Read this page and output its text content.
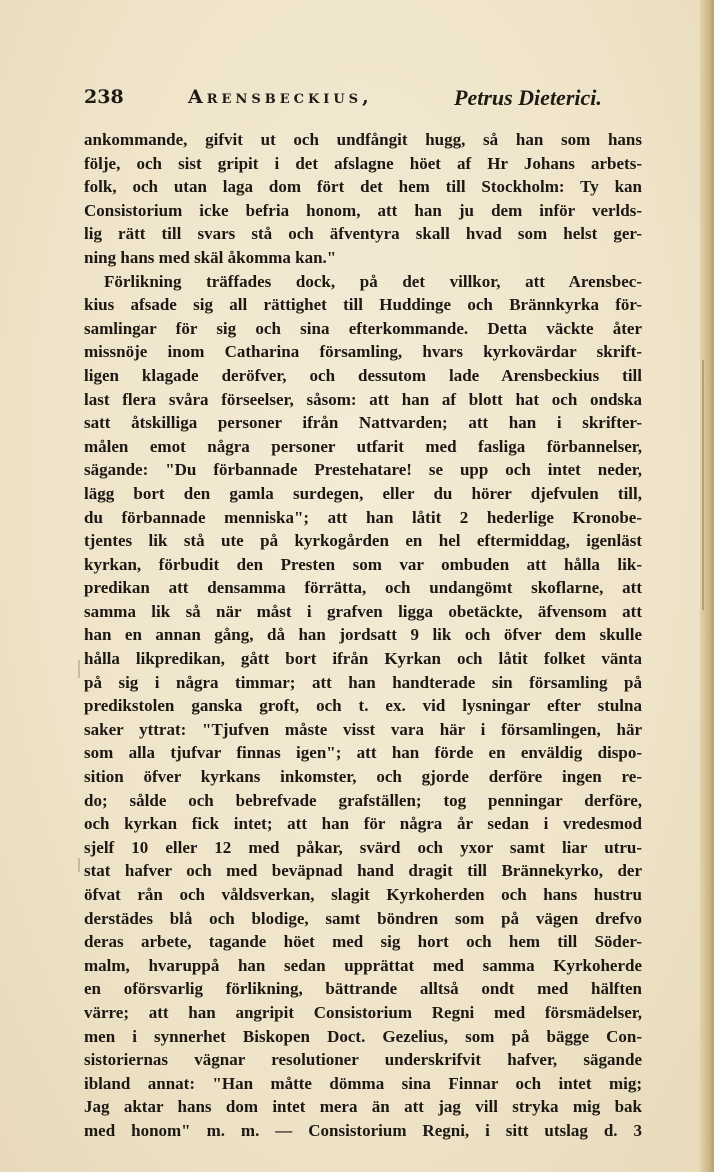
238	Arensbeckius,	Petrus Dieterici.
ankommande, gifvit ut och undfångit hugg, så han som hans
följe, och sist gripit i det afslagne höet af Hr Johans arbets-
folk, och utan laga dom fört det hem till Stockholm: Ty kan
Consistorium icke befria honom, att han ju dem inför verlds-
lig rätt till svars stå och äfventyra skall hvad som helst ger-
ning hans med skäl åkomma kan."
Förlikning träffades dock, på det villkor, att Arensbec-
kius afsade sig all rättighet till Huddinge och Brännkyrka för-
samlingar för sig och sina efterkommande. Detta väckte åter
missnöje inom Catharina församling, hvars kyrkovärdar skrift-
ligen klagade deröfver, och dessutom lade Arensbeckius till
last flera svåra förseelser, såsom: att han af blott hat och ondska
satt åtskilliga personer ifrån Nattvarden; att han i skrifter-
målen emot några personer utfarit med fasliga förbannelser,
sägande: "Du förbannade Prestehatare! se upp och intet neder,
lägg bort den gamla surdegen, eller du hörer djefvulen till,
du förbannade menniska"; att han låtit 2 hederlige Kronobe-
tjentes lik stå ute på kyrkogården en hel eftermiddag, igenläst
kyrkan, förbudit den Presten som var ombuden att hålla lik-
predikan att densamma förrätta, och undangömt skoflarne, att
samma lik så när måst i grafven ligga obetäckte, äfvensom att
han en annan gång, då han jordsatt 9 lik och öfver dem skulle
hålla likpredikan, gått bort ifrån Kyrkan och låtit folket vänta
på sig i några timmar; att han handterade sin församling på
predikstolen ganska groft, och t. ex. vid lysningar efter stulna
saker yttrat: "Tjufven måste visst vara här i församlingen, här
som alla tjufvar finnas igen"; att han förde en enväldig dispo-
sition öfver kyrkans inkomster, och gjorde derföre ingen re-
do; sålde och bebrefvade grafställen; tog penningar derföre,
och kyrkan fick intet; att han för några år sedan i vredesmod
sjelf 10 eller 12 med påkar, svärd och yxor samt liar utru-
stat hafver och med beväpnad hand dragit till Brännekyrko, der
öfvat rån och våldsverkan, slagit Kyrkoherden och hans hustru
derstädes blå och blodige, samt böndren som på vägen drefvo
deras arbete, tagande höet med sig hort och hem till Söder-
malm, hvaruppå han sedan upprättat med samma Kyrkoherde
en oförsvarlig förlikning, bättrande alltså ondt med hälften
värre; att han angripit Consistorium Regni med försmädelser,
men i synnerhet Biskopen Doct. Gezelius, som på bägge Con-
sistoriernas vägnar resolutioner underskrifvit hafver, sägande
ibland annat: "Han måtte dömma sina Finnar och intet mig;
Jag aktar hans dom intet mera än att jag vill stryka mig bak
med honom" m. m. — Consistorium Regni, i sitt utslag d. 3
